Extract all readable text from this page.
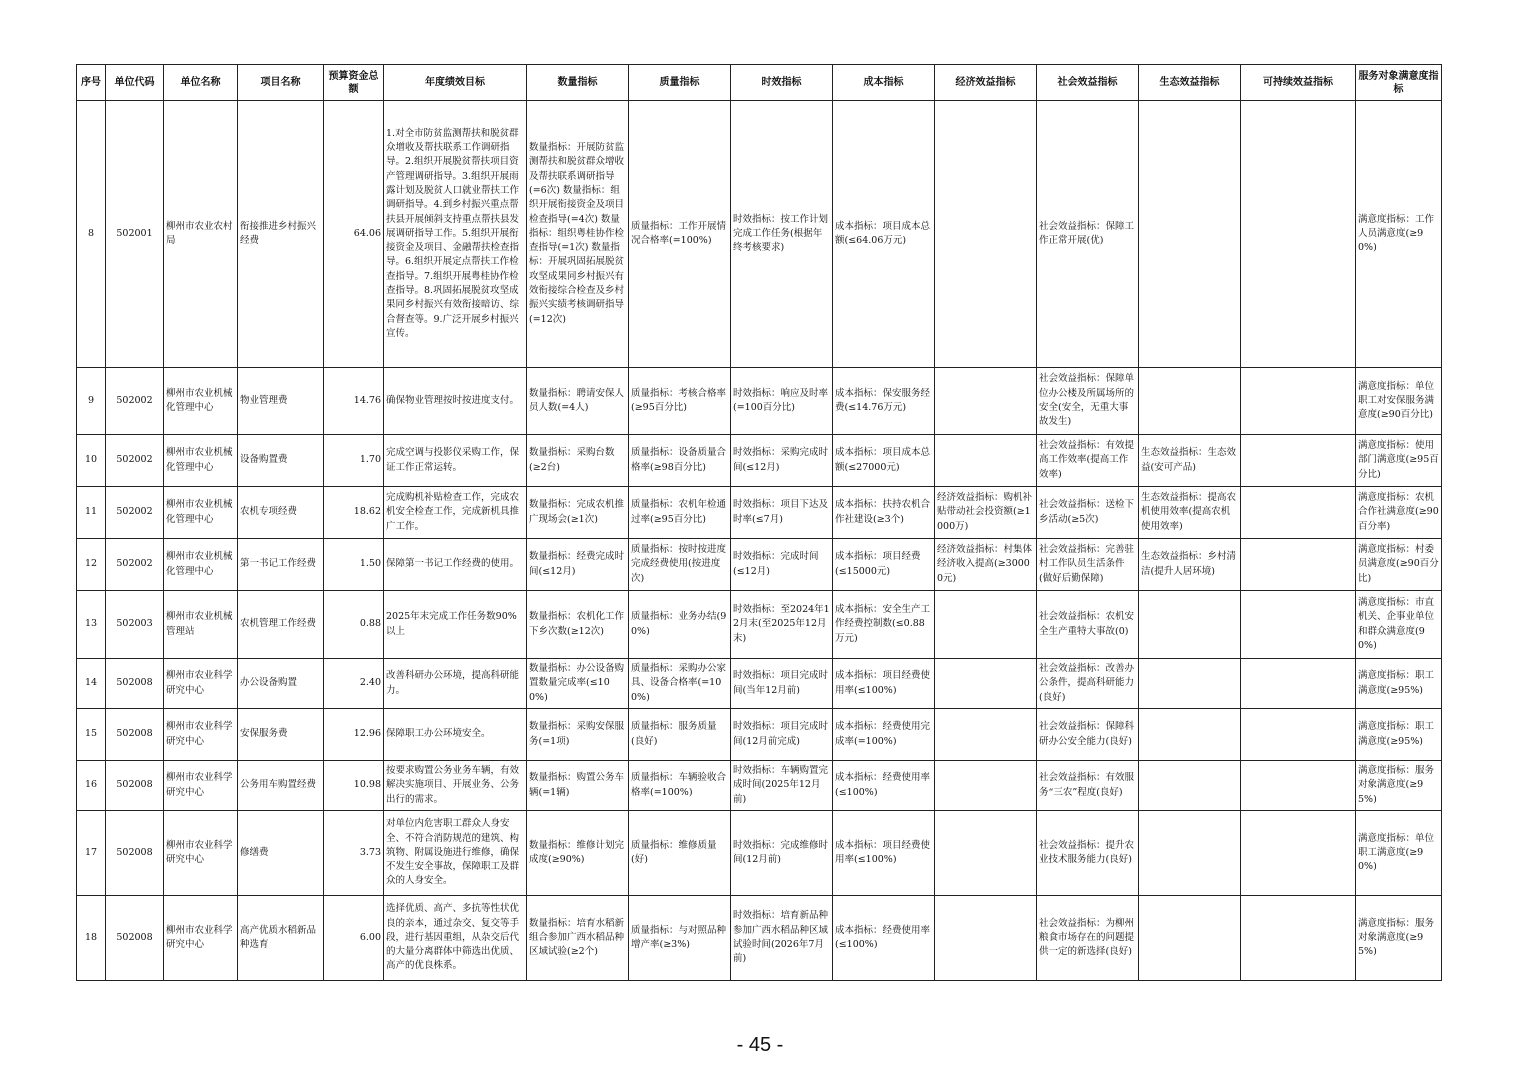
序号	单位代码	单位名称	项目名称	预算资金总额	年度绩效目标	数量指标	质量指标	时效指标	成本指标	经济效益指标	社会效益指标	生态效益指标	可持续效益指标	服务对象满意度指标
8	502001	柳州市农业农村局	衔接推进乡村振兴经费	64.06	1.对全市防贫监测帮扶和脱贫群众增收及帮扶联系工作调研指导。2.组织开展脱贫帮扶项目资产管理调研指导。3.组织开展雨露计划及脱贫人口就业帮扶工作调研指导。4.到乡村振兴重点帮扶县开展倾斜支持重点帮扶县发展调研指导工作。5.组织开展衔接资金及项目、金融帮扶检查指导。6.组织开展定点帮扶工作检查指导。7.组织开展粤桂协作检查指导。8.巩固拓展脱贫攻坚成果同乡村振兴有效衔接暗访、综合督查等。9.广泛开展乡村振兴宣传。	数量指标：开展防贫监测帮扶和脱贫群众增收及帮扶联系调研指导(=6次) 数量指标：组织开展衔接资金及项目检查指导(=4次) 数量指标：组织粤桂协作检查指导(=1次) 数量指标：开展巩固拓展脱贫攻坚成果同乡村振兴有效衔接综合检查及乡村振兴实绩考核调研指导(=12次)	质量指标：工作开展情况合格率(=100%)	时效指标：按工作计划完成工作任务(根据年终考核要求)	成本指标：项目成本总额(≤64.06万元)		社会效益指标：保障工作正常开展(优)			满意度指标：工作人员满意度(≥90%)
9	502002	柳州市农业机械化管理中心	物业管理费	14.76	确保物业管理按时按进度支付。	数量指标：聘请安保人员人数(=4人)	质量指标：考核合格率(≥95百分比)	时效指标：响应及时率(=100百分比)	成本指标：保安服务经费(≤14.76万元)		社会效益指标：保障单位办公楼及所属场所的安全(安全，无重大事故发生)			满意度指标：单位职工对安保服务满意度(≥90百分比)
10	502002	柳州市农业机械化管理中心	设备购置费	1.70	完成空调与投影仪采购工作，保证工作正常运转。	数量指标：采购台数(≥2台)	质量指标：设备质量合格率(≥98百分比)	时效指标：采购完成时间(≤12月)	成本指标：项目成本总额(≤27000元)		社会效益指标：有效提高工作效率(提高工作效率)	生态效益指标：生态效益(安可产品)		满意度指标：使用部门满意度(≥95百分比)
11	502002	柳州市农业机械化管理中心	农机专项经费	18.62	完成购机补贴检查工作，完成农机安全检查工作，完成新机具推广工作。	数量指标：完成农机推广现场会(≥1次)	质量指标：农机年检通过率(≥95百分比)	时效指标：项目下达及时率(≤7月)	成本指标：扶持农机合作社建设(≥3个)	经济效益指标：购机补贴带动社会投资额(≥1000万)	社会效益指标：送检下乡活动(≥5次)	生态效益指标：提高农机使用效率(提高农机使用效率)		满意度指标：农机合作社满意度(≥90百分率)
12	502002	柳州市农业机械化管理中心	第一书记工作经费	1.50	保障第一书记工作经费的使用。	数量指标：经费完成时间(≤12月)	质量指标：按时按进度完成经费使用(按进度次)	时效指标：完成时间(≤12月)	成本指标：项目经费(≤15000元)	经济效益指标：村集体经济收入提高(≥30000元)	社会效益指标：完善驻村工作队员生活条件(做好后勤保障)	生态效益指标：乡村清洁(提升人居环境)		满意度指标：村委员满意度(≥90百分比)
13	502003	柳州市农业机械管理站	农机管理工作经费	0.88	2025年末完成工作任务数90%以上	数量指标：农机化工作下乡次数(≥12次)	质量指标：业务办结(90%)	时效指标：至2024年12月末(至2025年12月末)	成本指标：安全生产工作经费控制数(≤0.88万元)		社会效益指标：农机安全生产重特大事故(0)			满意度指标：市直机关、企事业单位和群众满意度(90%)
14	502008	柳州市农业科学研究中心	办公设备购置	2.40	改善科研办公环境，提高科研能力。	数量指标：办公设备购置数量完成率(≤100%)	质量指标：采购办公家具、设备合格率(=100%)	时效指标：项目完成时间(当年12月前)	成本指标：项目经费使用率(≤100%)		社会效益指标：改善办公条件，提高科研能力(良好)			满意度指标：职工满意度(≥95%)
15	502008	柳州市农业科学研究中心	安保服务费	12.96	保障职工办公环境安全。	数量指标：采购安保服务(=1项)	质量指标：服务质量(良好)	时效指标：项目完成时间(12月前完成)	成本指标：经费使用完成率(=100%)		社会效益指标：保障科研办公安全能力(良好)			满意度指标：职工满意度(≥95%)
16	502008	柳州市农业科学研究中心	公务用车购置经费	10.98	按要求购置公务业务车辆，有效解决实施项目、开展业务、公务出行的需求。	数量指标：购置公务车辆(=1辆)	质量指标：车辆验收合格率(=100%)	时效指标：车辆购置完成时间(2025年12月前)	成本指标：经费使用率(≤100%)		社会效益指标：有效服务“三农”程度(良好)			满意度指标：服务对象满意度(≥95%)
17	502008	柳州市农业科学研究中心	修缮费	3.73	对单位内危害职工群众人身安全、不符合消防规范的建筑、构筑物、附属设施进行维修，确保不发生安全事故，保障职工及群众的人身安全。	数量指标：维修计划完成度(≥90%)	质量指标：维修质量(好)	时效指标：完成维修时间(12月前)	成本指标：项目经费使用率(≤100%)		社会效益指标：提升农业技术服务能力(良好)			满意度指标：单位职工满意度(≥90%)
18	502008	柳州市农业科学研究中心	高产优质水稻新品种选育	6.00	选择优质、高产、多抗等性状优良的亲本，通过杂交、复交等手段，进行基因重组，从杂交后代的大量分离群体中筛选出优质、高产的优良株系。	数量指标：培育水稻新组合参加广西水稻品种区域试验(≥2个)	质量指标：与对照品种增产率(≥3%)	时效指标：培育新品种参加广西水稻品种区域试验时间(2026年7月前)	成本指标：经费使用率(≤100%)		社会效益指标：为柳州粮食市场存在的问题提供一定的新选择(良好)			满意度指标：服务对象满意度(≥95%)
- 45 -
